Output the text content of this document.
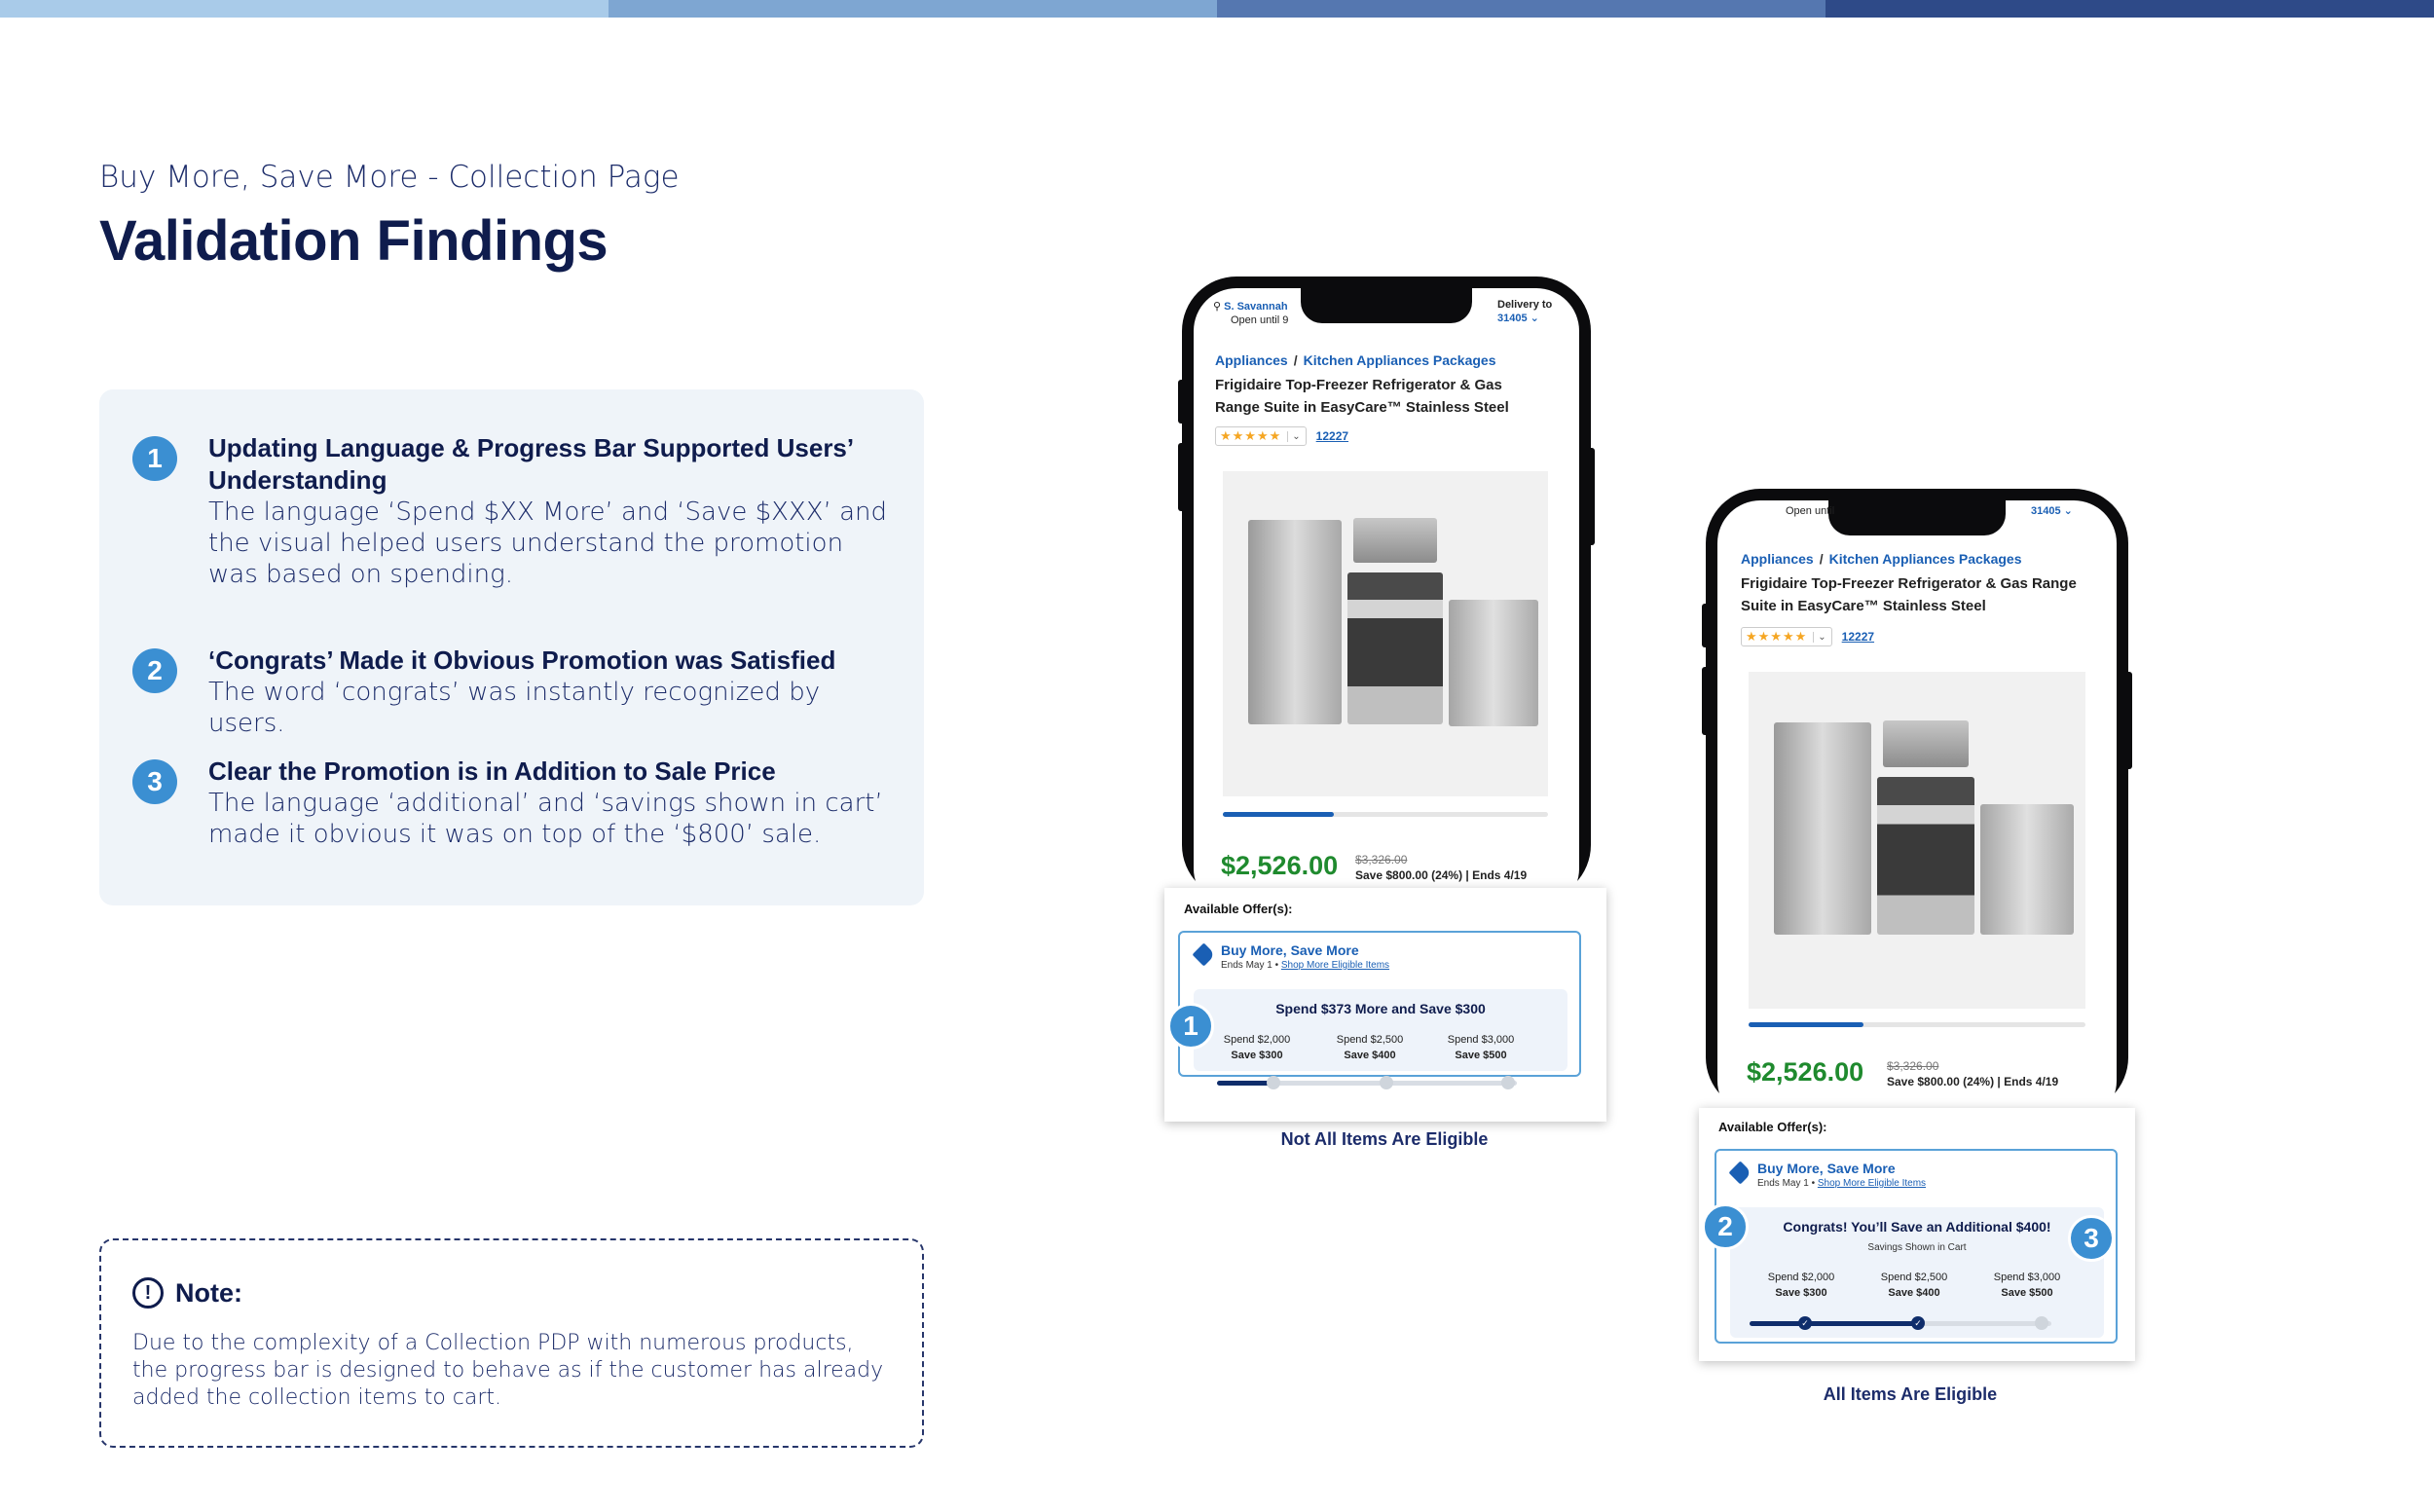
Buy More, Save More - Collection Page
Validation Findings
1	Updating Language & Progress Bar Supported Users’ Understanding
The language ‘Spend $XX More’ and ‘Save $XXX’ and the visual helped users understand the promotion was based on spending.
2	‘Congrats’ Made it Obvious Promotion was Satisfied
The word ‘congrats’ was instantly recognized by users.
3	Clear the Promotion is in Addition to Sale Price
The language ‘additional’ and ‘savings shown in cart’ made it obvious it was on top of the ‘$800’ sale.
! Note:
Due to the complexity of a Collection PDP with numerous products, the progress bar is designed to behave as if the customer has already added the collection items to cart.
⚲ S. Savannah
Open until 9
Delivery to
31405 ⌄
Appliances / Kitchen Appliances Packages
Frigidaire Top-Freezer Refrigerator & Gas Range Suite in EasyCare™ Stainless Steel
★★★★★	⌄ 12227
$2,526.00 $3,326.00
Save $800.00 (24%) | Ends 4/19
Available Offer(s):
Buy More, Save More
Ends May 1 • Shop More Eligible Items
Spend $373 More and Save $300
Spend $2,000
Save $300
Spend $2,500
Save $400
Spend $3,000
Save $500
1
Not All Items Are Eligible
Open until	31405 ⌄
Appliances / Kitchen Appliances Packages
Frigidaire Top-Freezer Refrigerator & Gas Range Suite in EasyCare™ Stainless Steel
★★★★★	⌄ 12227
$2,526.00 $3,326.00
Save $800.00 (24%) | Ends 4/19
Available Offer(s):
Buy More, Save More
Ends May 1 • Shop More Eligible Items
Congrats! You’ll Save an Additional $400!
Savings Shown in Cart
Spend $2,000
Save $300
Spend $2,500
Save $400
Spend $3,000
Save $500
✓	✓
2	3
All Items Are Eligible
